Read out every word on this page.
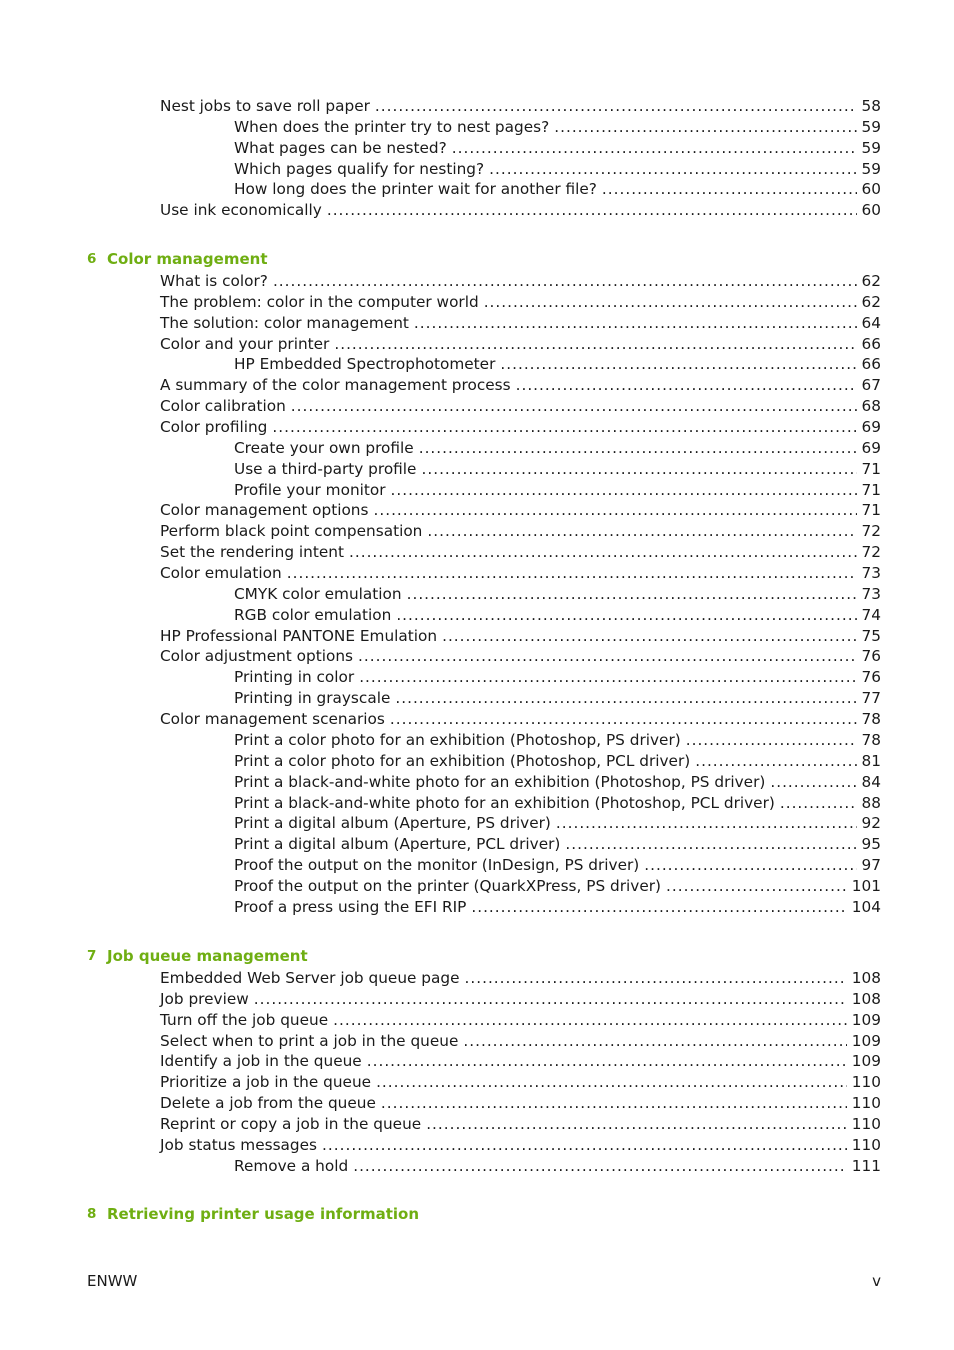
Nest jobs to save roll paper .....	58
When does the printer try to nest pages? .....	59
What pages can be nested? .....	59
Which pages qualify for nesting? .....	59
How long does the printer wait for another file? .....	60
Use ink economically .....	60
6 Color management
What is color? .....	62
The problem: color in the computer world .....	62
The solution: color management .....	64
Color and your printer .....	66
HP Embedded Spectrophotometer .....	66
A summary of the color management process .....	67
Color calibration .....	68
Color profiling .....	69
Create your own profile .....	69
Use a third-party profile .....	71
Profile your monitor .....	71
Color management options .....	71
Perform black point compensation .....	72
Set the rendering intent .....	72
Color emulation .....	73
CMYK color emulation .....	73
RGB color emulation .....	74
HP Professional PANTONE Emulation .....	75
Color adjustment options .....	76
Printing in color .....	76
Printing in grayscale .....	77
Color management scenarios .....	78
Print a color photo for an exhibition (Photoshop, PS driver) .....	78
Print a color photo for an exhibition (Photoshop, PCL driver) .....	81
Print a black-and-white photo for an exhibition (Photoshop, PS driver) .....	84
Print a black-and-white photo for an exhibition (Photoshop, PCL driver) .....	88
Print a digital album (Aperture, PS driver) .....	92
Print a digital album (Aperture, PCL driver) .....	95
Proof the output on the monitor (InDesign, PS driver) .....	97
Proof the output on the printer (QuarkXPress, PS driver) .....	101
Proof a press using the EFI RIP .....	104
7 Job queue management
Embedded Web Server job queue page .....	108
Job preview .....	108
Turn off the job queue .....	109
Select when to print a job in the queue .....	109
Identify a job in the queue .....	109
Prioritize a job in the queue .....	110
Delete a job from the queue .....	110
Reprint or copy a job in the queue .....	110
Job status messages .....	110
Remove a hold .....	111
8 Retrieving printer usage information
ENWW	v
